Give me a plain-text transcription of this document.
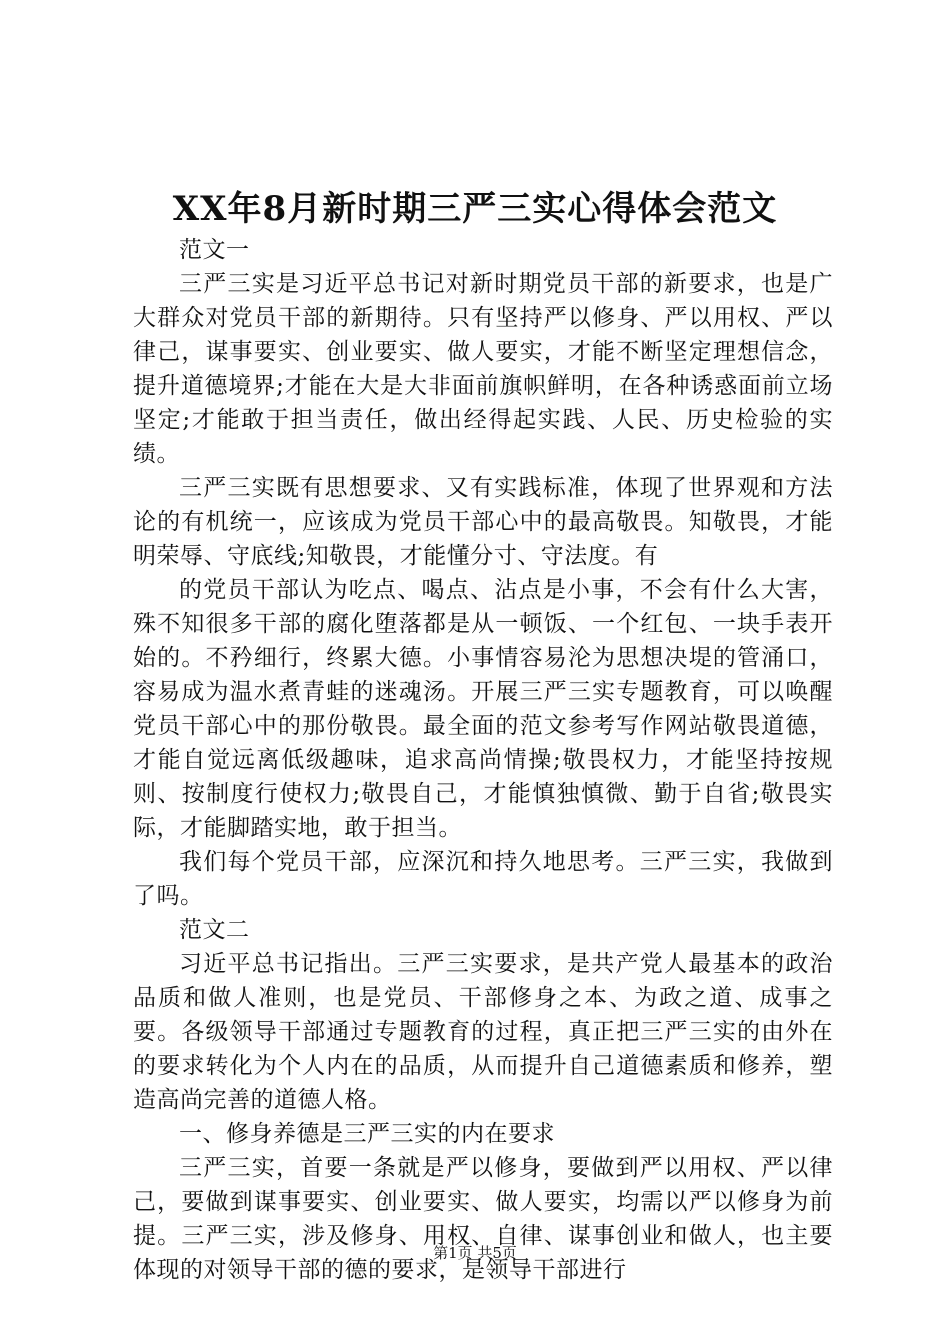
XX年8月新时期三严三实心得体会范文

范文一

三严三实是习近平总书记对新时期党员干部的新要求，也是广大群众对党员干部的新期待。只有坚持严以修身、严以用权、严以律己，谋事要实、创业要实、做人要实，才能不断坚定理想信念，提升道德境界;才能在大是大非面前旗帜鲜明，在各种诱惑面前立场坚定;才能敢于担当责任，做出经得起实践、人民、历史检验的实绩。

三严三实既有思想要求、又有实践标准，体现了世界观和方法论的有机统一，应该成为党员干部心中的最高敬畏。知敬畏，才能明荣辱、守底线;知敬畏，才能懂分寸、守法度。有

的党员干部认为吃点、喝点、沾点是小事，不会有什么大害，殊不知很多干部的腐化堕落都是从一顿饭、一个红包、一块手表开始的。不矜细行，终累大德。小事情容易沦为思想决堤的管涌口，容易成为温水煮青蛙的迷魂汤。开展三严三实专题教育，可以唤醒党员干部心中的那份敬畏。最全面的范文参考写作网站敬畏道德，才能自觉远离低级趣味，追求高尚情操;敬畏权力，才能坚持按规则、按制度行使权力;敬畏自己，才能慎独慎微、勤于自省;敬畏实际，才能脚踏实地，敢于担当。

我们每个党员干部，应深沉和持久地思考。三严三实，我做到了吗。

范文二

习近平总书记指出。三严三实要求，是共产党人最基本的政治品质和做人准则，也是党员、干部修身之本、为政之道、成事之要。各级领导干部通过专题教育的过程，真正把三严三实的由外在的要求转化为个人内在的品质，从而提升自己道德素质和修养，塑造高尚完善的道德人格。

一、修身养德是三严三实的内在要求

三严三实，首要一条就是严以修身，要做到严以用权、严以律己，要做到谋事要实、创业要实、做人要实，均需以严以修身为前提。三严三实，涉及修身、用权、自律、谋事创业和做人，也主要体现的对领导干部的德的要求，是领导干部进行

第1页 共5页
